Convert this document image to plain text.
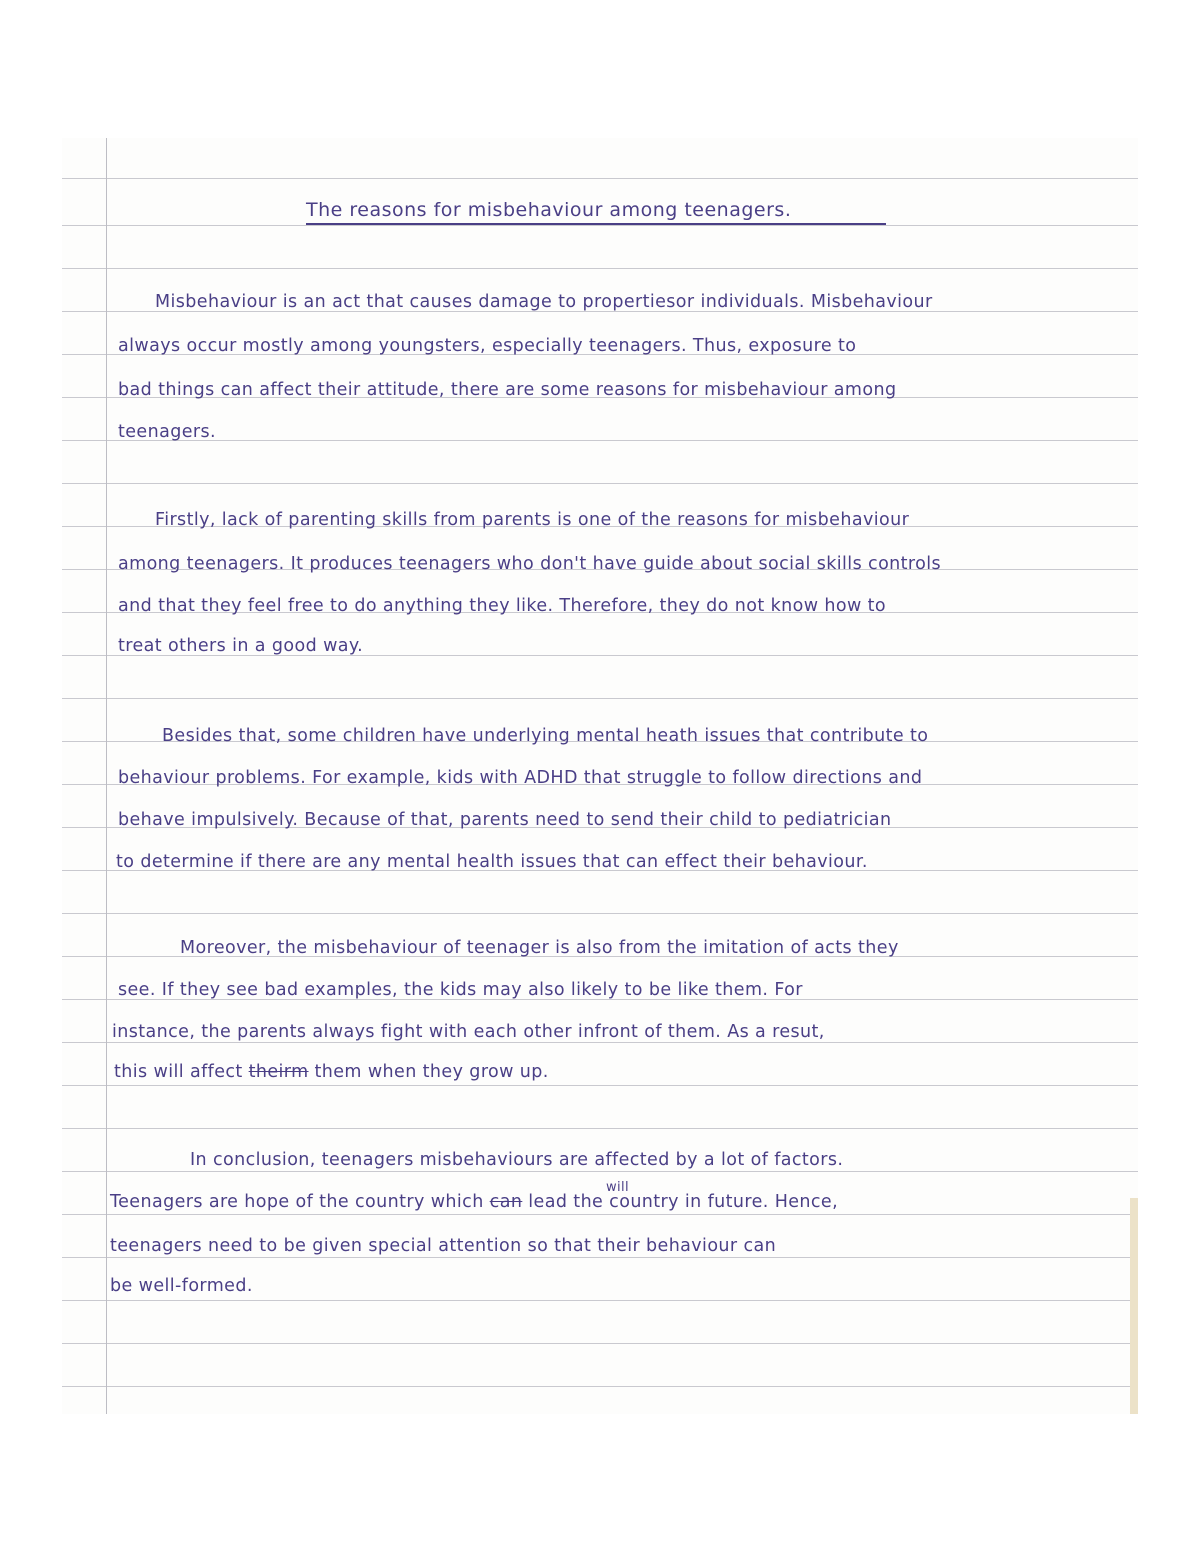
The reasons for misbehaviour among teenagers.
Misbehaviour is an act that causes damage to propertiesor individuals. Misbehaviour
always occur mostly among youngsters, especially teenagers. Thus, exposure to
bad things can affect their attitude, there are some reasons for misbehaviour among
teenagers.
Firstly, lack of parenting skills from parents is one of the reasons for misbehaviour
among teenagers. It produces teenagers who don't have guide about social skills controls
and that they feel free to do anything they like. Therefore, they do not know how to
treat others in a good way.
Besides that, some children have underlying mental heath issues that contribute to
behaviour problems. For example, kids with ADHD that struggle to follow directions and
behave impulsively. Because of that, parents need to send their child to pediatrician
to determine if there are any mental health issues that can effect their behaviour.
Moreover, the misbehaviour of teenager is also from the imitation of acts they
see. If they see bad examples, the kids may also likely to be like them. For
instance, the parents always fight with each other infront of them. As a resut,
this will affect theirm them when they grow up.
In conclusion, teenagers misbehaviours are affected by a lot of factors.
will
Teenagers are hope of the country which can lead the country in future. Hence,
teenagers need to be given special attention so that their behaviour can
be well-formed.
